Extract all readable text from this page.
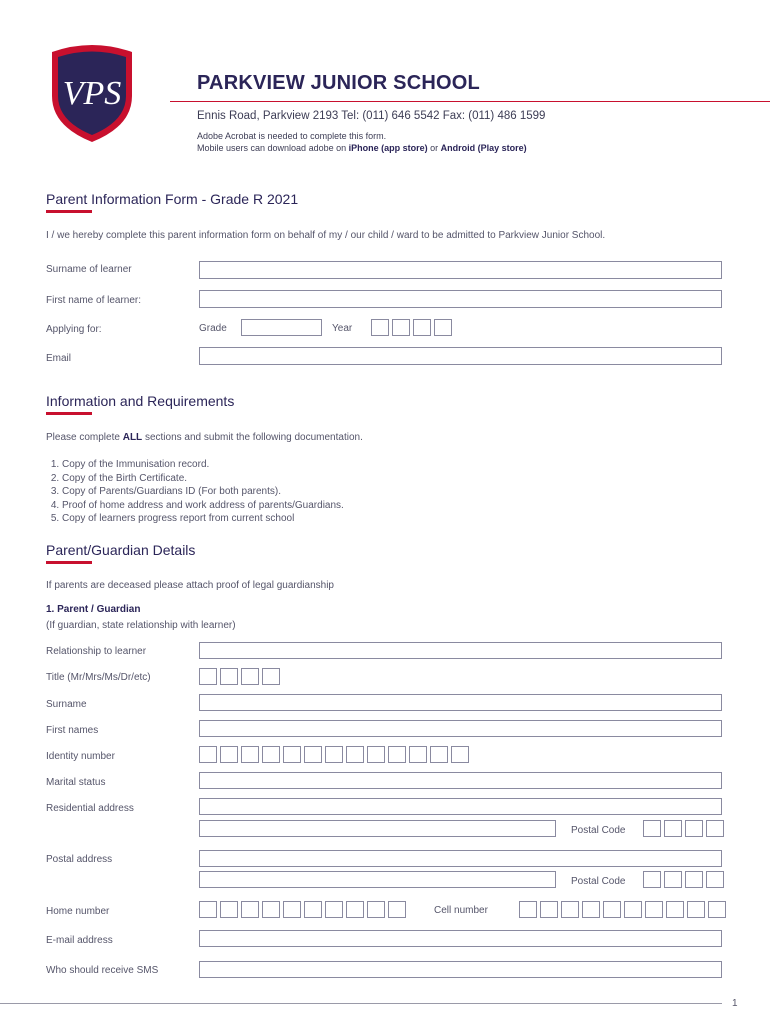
VPS	PARKVIEW JUNIOR SCHOOL
Ennis Road, Parkview 2193 Tel: (011) 646 5542 Fax: (011) 486 1599
Adobe Acrobat is needed to complete this form.
Mobile users can download adobe on iPhone (app store) or Android (Play store)
Parent Information Form - Grade R 2021
I / we hereby complete this parent information form on behalf of my / our child / ward to be admitted to Parkview Junior School.
Surname of learner
First name of learner:
Applying for:	Grade	Year
Email
Information and Requirements
Please complete ALL sections and submit the following documentation.
1. Copy of the Immunisation record.
2. Copy of the Birth Certificate.
3. Copy of Parents/Guardians ID (For both parents).
4. Proof of home address and work address of parents/Guardians.
5. Copy of learners progress report from current school
Parent/Guardian Details
If parents are deceased please attach proof of legal guardianship
1. Parent / Guardian
(If guardian, state relationship with learner)
Relationship to learner
Title (Mr/Mrs/Ms/Dr/etc)
Surname
First names
Identity number
Marital status
Residential address
Postal Code
Postal address
Postal Code
Home number	Cell number
E-mail address
Who should receive SMS
1
